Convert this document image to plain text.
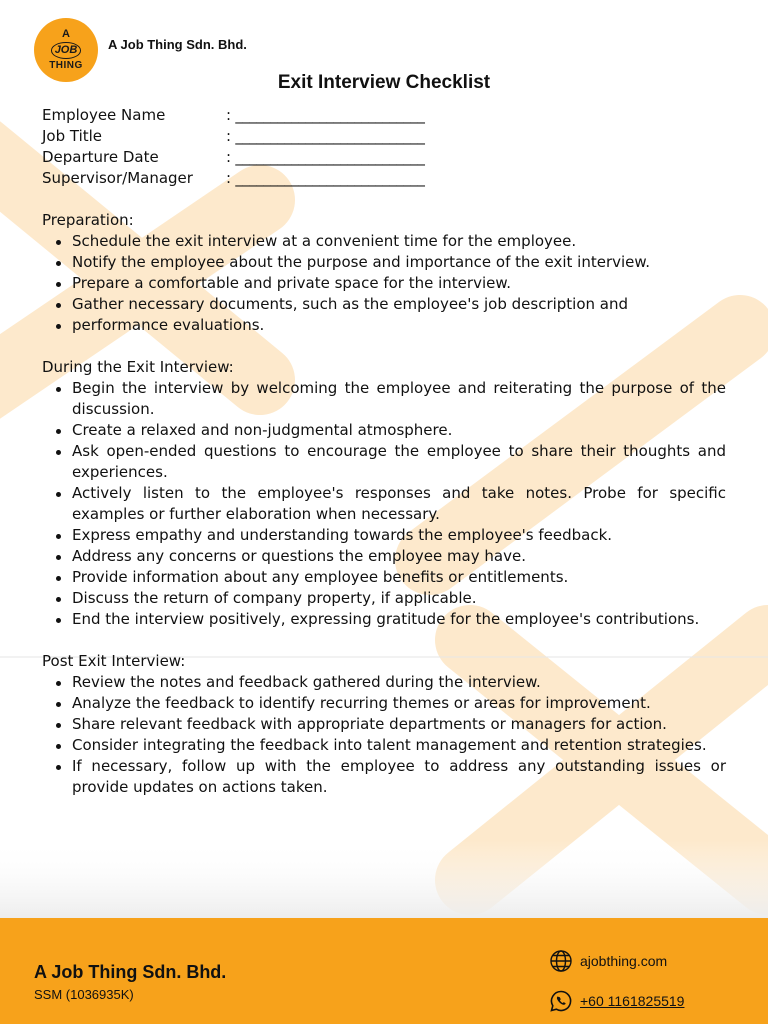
A
JOB
THING
A Job Thing Sdn. Bhd.
Exit Interview Checklist
Employee Name	: ___________________________
Job Title	: ___________________________
Departure Date	: ___________________________
Supervisor/Manager	: ___________________________
Preparation:
Schedule the exit interview at a convenient time for the employee.
Notify the employee about the purpose and importance of the exit interview.
Prepare a comfortable and private space for the interview.
Gather necessary documents, such as the employee's job description and
performance evaluations.
During the Exit Interview:
Begin the interview by welcoming the employee and reiterating the purpose of the discussion.
Create a relaxed and non-judgmental atmosphere.
Ask open-ended questions to encourage the employee to share their thoughts and experiences.
Actively listen to the employee's responses and take notes. Probe for specific examples or further elaboration when necessary.
Express empathy and understanding towards the employee's feedback.
Address any concerns or questions the employee may have.
Provide information about any employee benefits or entitlements.
Discuss the return of company property, if applicable.
End the interview positively, expressing gratitude for the employee's contributions.
Post Exit Interview:
Review the notes and feedback gathered during the interview.
Analyze the feedback to identify recurring themes or areas for improvement.
Share relevant feedback with appropriate departments or managers for action.
Consider integrating the feedback into talent management and retention strategies.
If necessary, follow up with the employee to address any outstanding issues or provide updates on actions taken.
A Job Thing Sdn. Bhd.
SSM (1036935K)
ajobthing.com
+60 1161825519
